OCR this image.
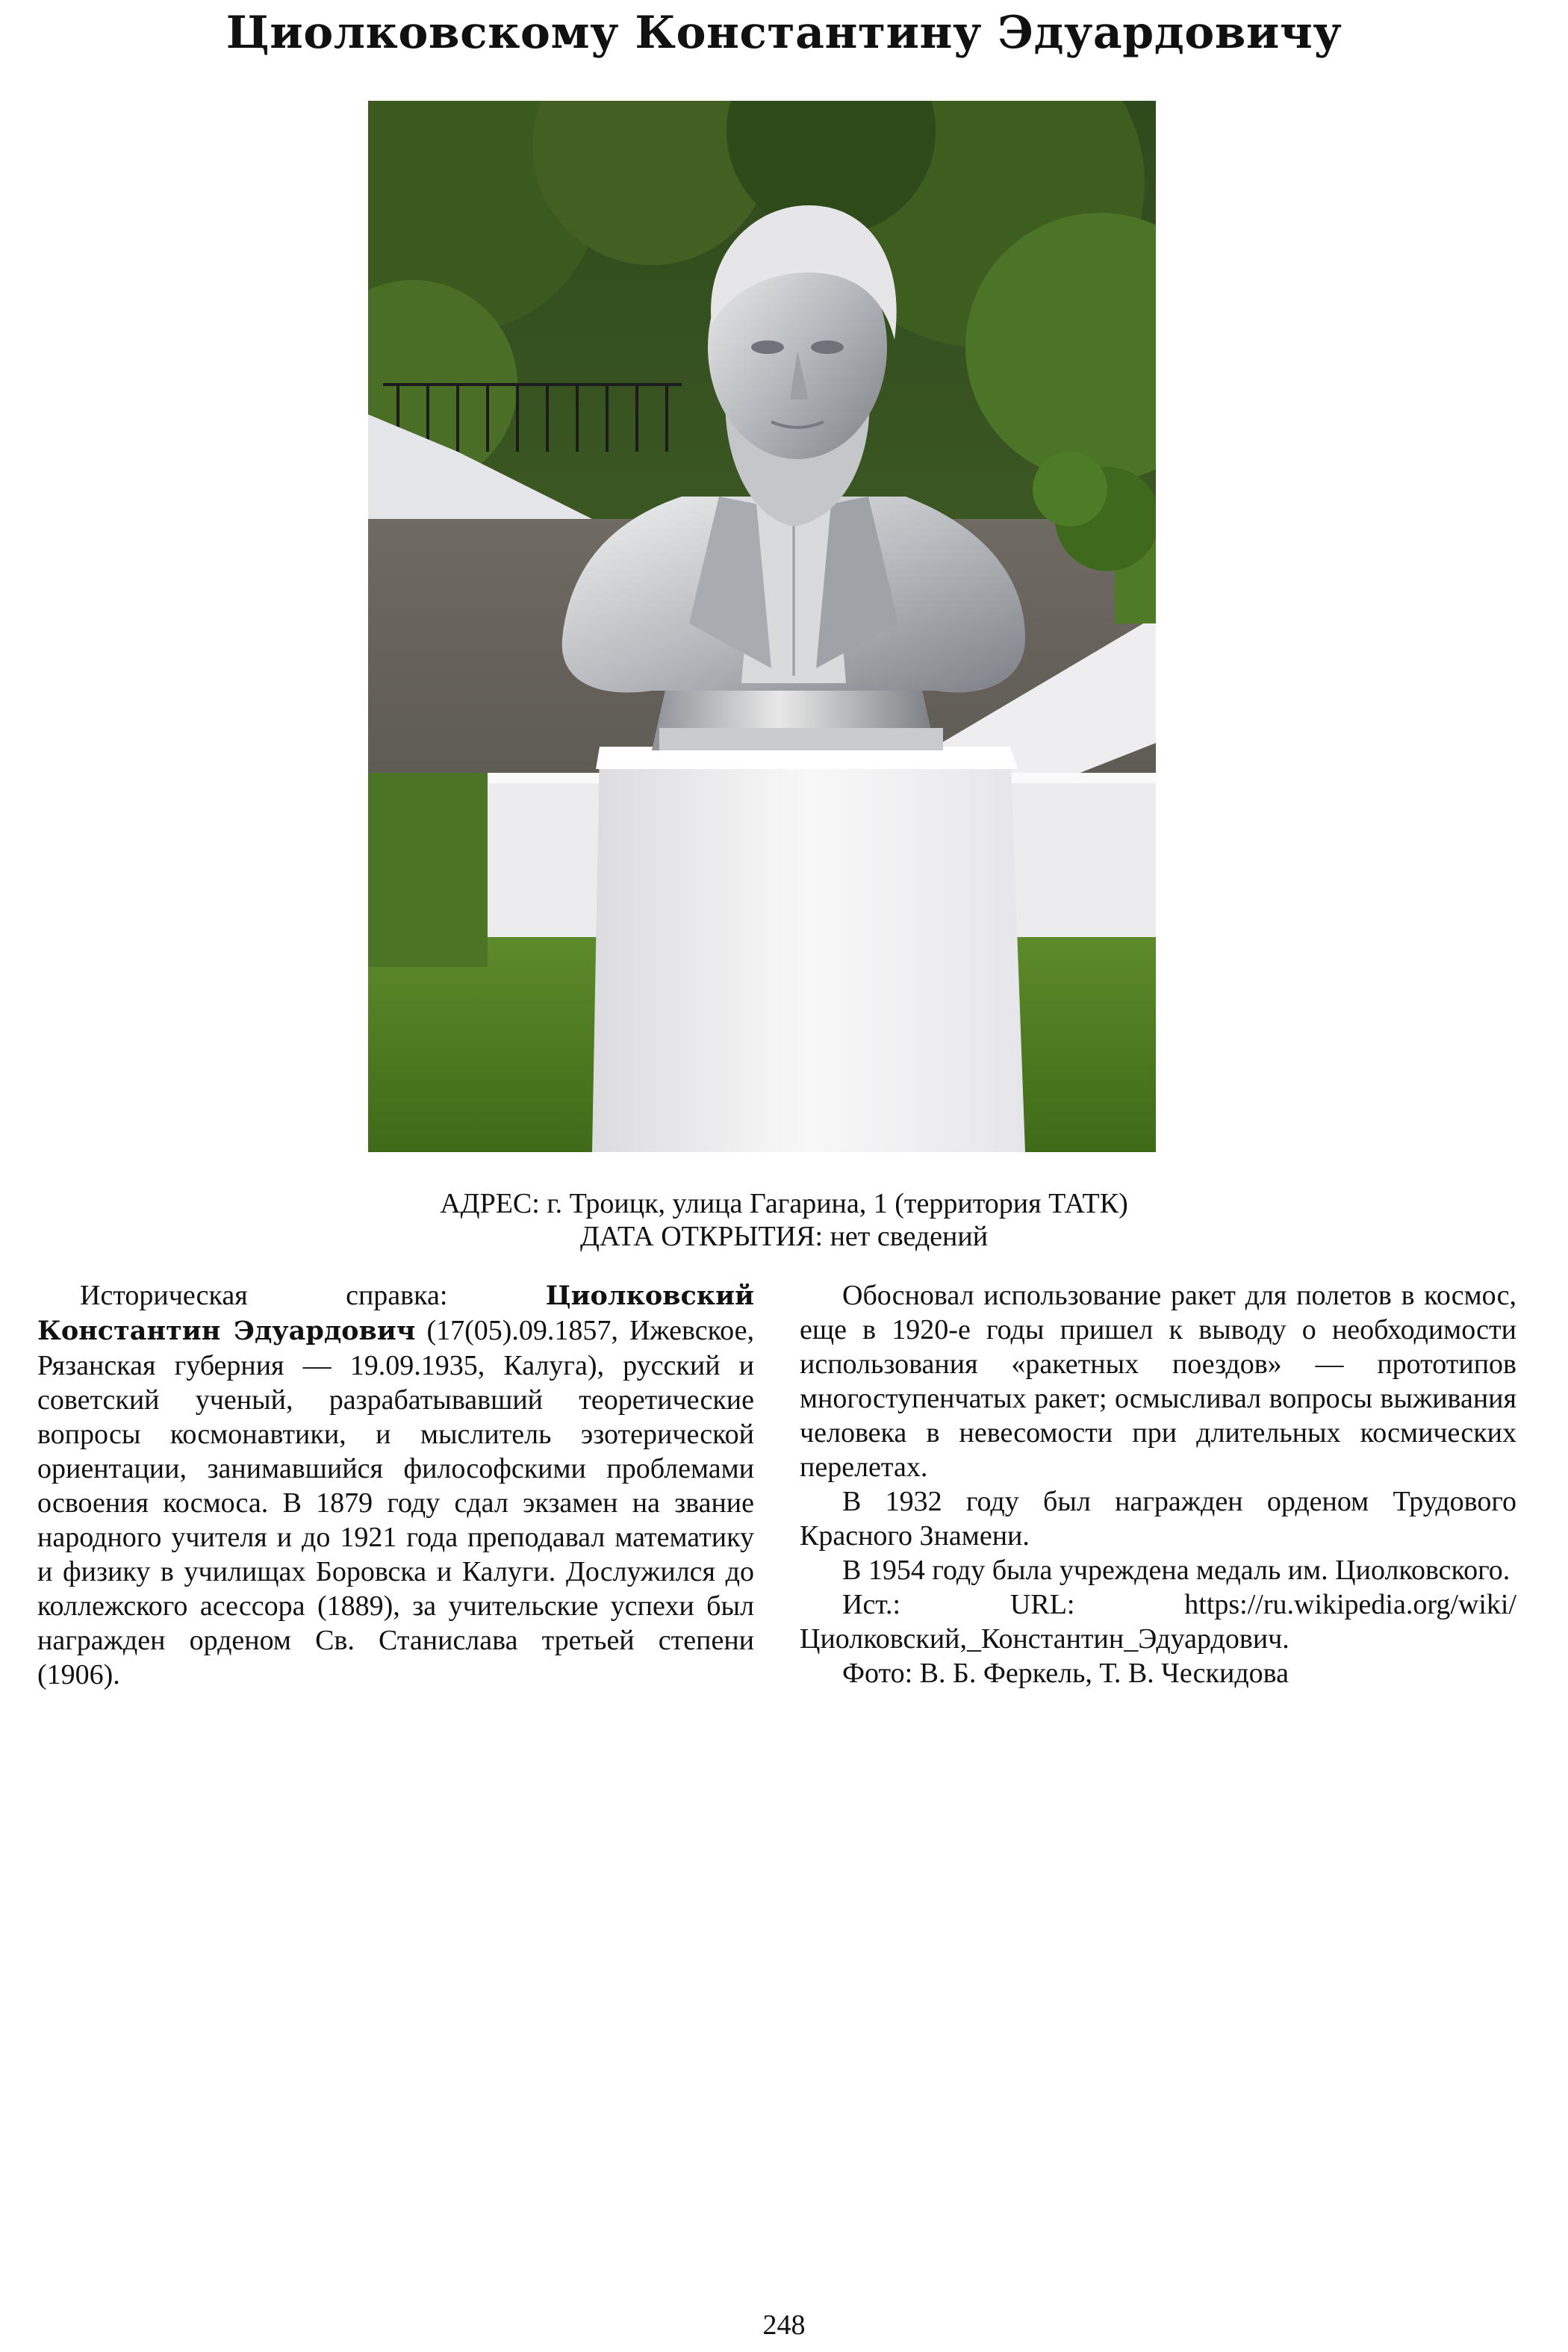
Циолковскому Константину Эдуардовичу
АДРЕС: г. Троицк, улица Гагарина, 1 (территория ТАТК)
ДАТА ОТКРЫТИЯ: нет сведений

Историческая справка: Циолковский Константин Эдуардович (17(05).09.1857, Ижевское, Рязанская губерния — 19.09.1935, Калуга), русский и советский ученый, разрабатывавший теоретические вопросы космонавтики, и мыслитель эзотерической ориентации, занимавшийся философскими проблемами освоения космоса. В 1879 году сдал экзамен на звание народного учителя и до 1921 года преподавал математику и физику в училищах Боровска и Калуги. Дослужился до коллежского асессора (1889), за учительские успехи был награжден орденом Св. Станислава третьей степени (1906).

Обосновал использование ракет для полетов в космос, еще в 1920-е годы пришел к выводу о необходимости использования «ракетных поездов» — прототипов многоступенчатых ракет; осмысливал вопросы выживания человека в невесомости при длительных космических перелетах.

В 1932 году был награжден орденом Трудового Красного Знамени.

В 1954 году была учреждена медаль им. Циолковского.

Ист.: URL: https://ru.wikipedia.org/wiki/Циолковский,_Константин_Эдуардович.

Фото: В. Б. Феркель, Т. В. Ческидова

248
